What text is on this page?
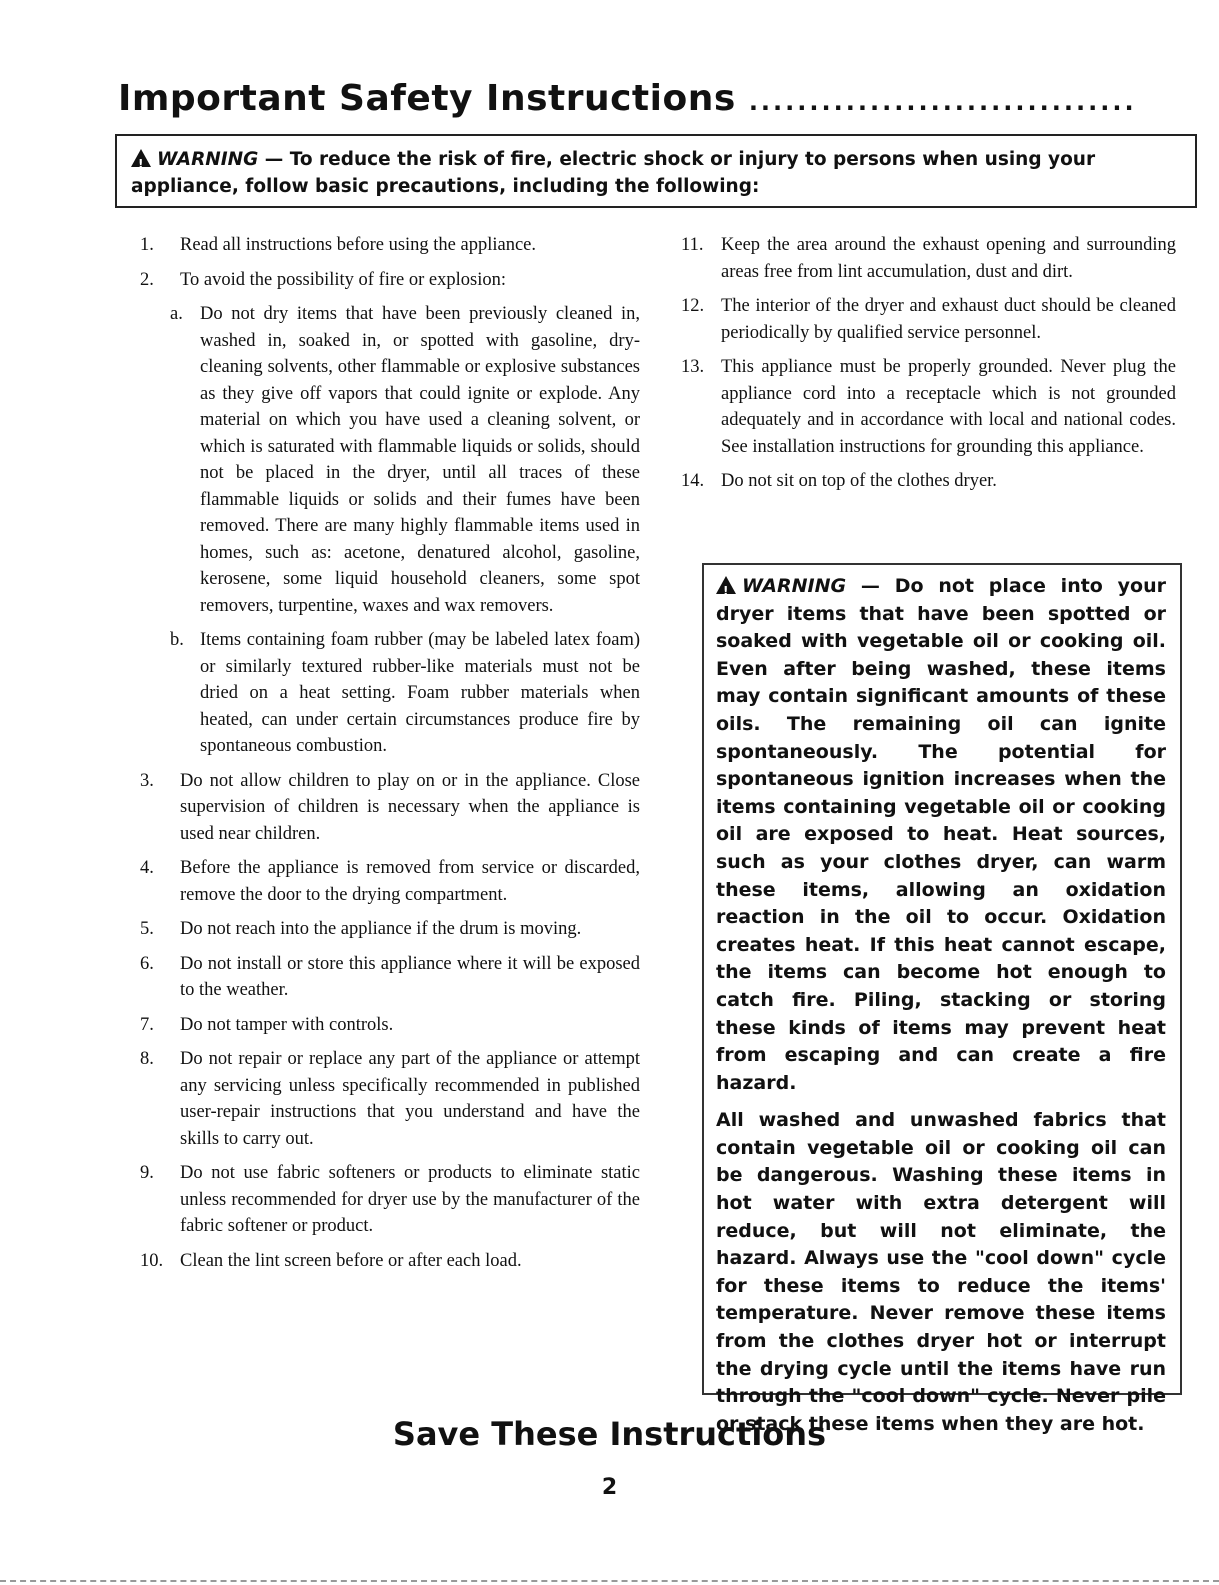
Important Safety Instructions ................................
!WARNING — To reduce the risk of fire, electric shock or injury to persons when using your appliance, follow basic precautions, including the following:
1. Read all instructions before using the appliance.
2. To avoid the possibility of fire or explosion:
a. Do not dry items that have been previously cleaned in, washed in, soaked in, or spotted with gasoline, dry-cleaning solvents, other flammable or explosive substances as they give off vapors that could ignite or explode. Any material on which you have used a cleaning solvent, or which is saturated with flammable liquids or solids, should not be placed in the dryer, until all traces of these flammable liquids or solids and their fumes have been removed. There are many highly flammable items used in homes, such as: acetone, denatured alcohol, gasoline, kerosene, some liquid household cleaners, some spot removers, turpentine, waxes and wax removers.
b. Items containing foam rubber (may be labeled latex foam) or similarly textured rubber-like materials must not be dried on a heat setting. Foam rubber materials when heated, can under certain circumstances produce fire by spontaneous combustion.
3. Do not allow children to play on or in the appliance. Close supervision of children is necessary when the appliance is used near children.
4. Before the appliance is removed from service or discarded, remove the door to the drying compartment.
5. Do not reach into the appliance if the drum is moving.
6. Do not install or store this appliance where it will be exposed to the weather.
7. Do not tamper with controls.
8. Do not repair or replace any part of the appliance or attempt any servicing unless specifically recommended in published user-repair instructions that you understand and have the skills to carry out.
9. Do not use fabric softeners or products to eliminate static unless recommended for dryer use by the manufacturer of the fabric softener or product.
10. Clean the lint screen before or after each load.
11. Keep the area around the exhaust opening and surrounding areas free from lint accumulation, dust and dirt.
12. The interior of the dryer and exhaust duct should be cleaned periodically by qualified service personnel.
13. This appliance must be properly grounded. Never plug the appliance cord into a receptacle which is not grounded adequately and in accordance with local and national codes. See installation instructions for grounding this appliance.
14. Do not sit on top of the clothes dryer.

!WARNING — Do not place into your dryer items that have been spotted or soaked with vegetable oil or cooking oil. Even after being washed, these items may contain significant amounts of these oils. The remaining oil can ignite spontaneously. The potential for spontaneous ignition increases when the items containing vegetable oil or cooking oil are exposed to heat. Heat sources, such as your clothes dryer, can warm these items, allowing an oxidation reaction in the oil to occur. Oxidation creates heat. If this heat cannot escape, the items can become hot enough to catch fire. Piling, stacking or storing these kinds of items may prevent heat from escaping and can create a fire hazard.

All washed and unwashed fabrics that contain vegetable oil or cooking oil can be dangerous. Washing these items in hot water with extra detergent will reduce, but will not eliminate, the hazard. Always use the "cool down" cycle for these items to reduce the items' temperature. Never remove these items from the clothes dryer hot or interrupt the drying cycle until the items have run through the "cool down" cycle. Never pile or stack these items when they are hot.

Save These Instructions
2
